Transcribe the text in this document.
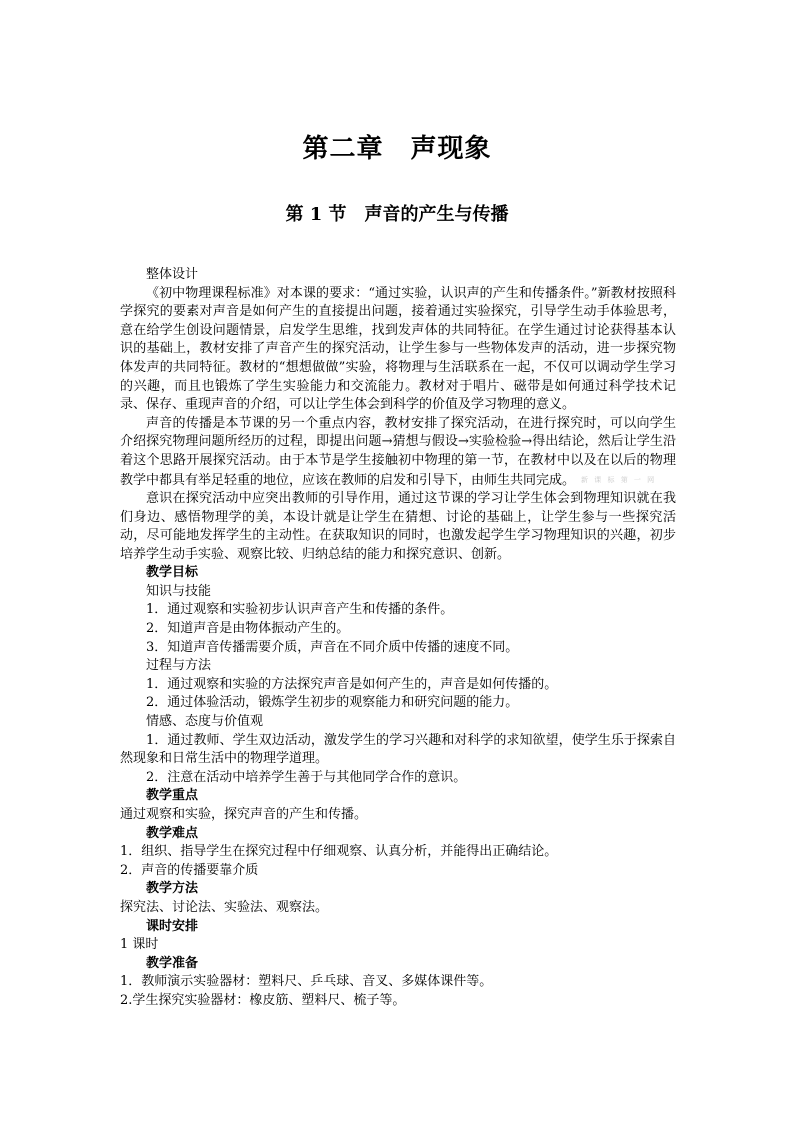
第二章　声现象
第 1 节　声音的产生与传播

整体设计

《初中物理课程标准》对本课的要求：“通过实验，认识声的产生和传播条件。”新教材按照科学探究的要素对声音是如何产生的直接提出问题，接着通过实验探究，引导学生动手体验思考，意在给学生创设问题情景，启发学生思维，找到发声体的共同特征。在学生通过讨论获得基本认识的基础上，教材安排了声音产生的探究活动，让学生参与一些物体发声的活动，进一步探究物体发声的共同特征。教材的“想想做做”实验，将物理与生活联系在一起，不仅可以调动学生学习的兴趣，而且也锻炼了学生实验能力和交流能力。教材对于唱片、磁带是如何通过科学技术记录、保存、重现声音的介绍，可以让学生体会到科学的价值及学习物理的意义。

声音的传播是本节课的另一个重点内容，教材安排了探究活动，在进行探究时，可以向学生介绍探究物理问题所经历的过程，即提出问题→猜想与假设→实验检验→得出结论，然后让学生沿着这个思路开展探究活动。由于本节是学生接触初中物理的第一节，在教材中以及在以后的物理教学中都具有举足轻重的地位，应该在教师的启发和引导下，由师生共同完成。 新 课 标 第 一 网

意识在探究活动中应突出教师的引导作用，通过这节课的学习让学生体会到物理知识就在我们身边、感悟物理学的美，本设计就是让学生在猜想、讨论的基础上，让学生参与一些探究活动，尽可能地发挥学生的主动性。在获取知识的同时，也激发起学生学习物理知识的兴趣，初步培养学生动手实验、观察比较、归纳总结的能力和探究意识、创新。

教学目标

知识与技能

1．通过观察和实验初步认识声音产生和传播的条件。

2．知道声音是由物体振动产生的。

3．知道声音传播需要介质，声音在不同介质中传播的速度不同。

过程与方法

1．通过观察和实验的方法探究声音是如何产生的，声音是如何传播的。

2．通过体验活动，锻炼学生初步的观察能力和研究问题的能力。

情感、态度与价值观

1．通过教师、学生双边活动，激发学生的学习兴趣和对科学的求知欲望，使学生乐于探索自然现象和日常生活中的物理学道理。

2．注意在活动中培养学生善于与其他同学合作的意识。

教学重点

通过观察和实验，探究声音的产生和传播。

教学难点

1．组织、指导学生在探究过程中仔细观察、认真分析，并能得出正确结论。

2．声音的传播要靠介质

教学方法

探究法、讨论法、实验法、观察法。

课时安排

1 课时

教学准备

1．教师演示实验器材：塑料尺、乒乓球、音叉、多媒体课件等。

2.学生探究实验器材：橡皮筋、塑料尺、梳子等。
